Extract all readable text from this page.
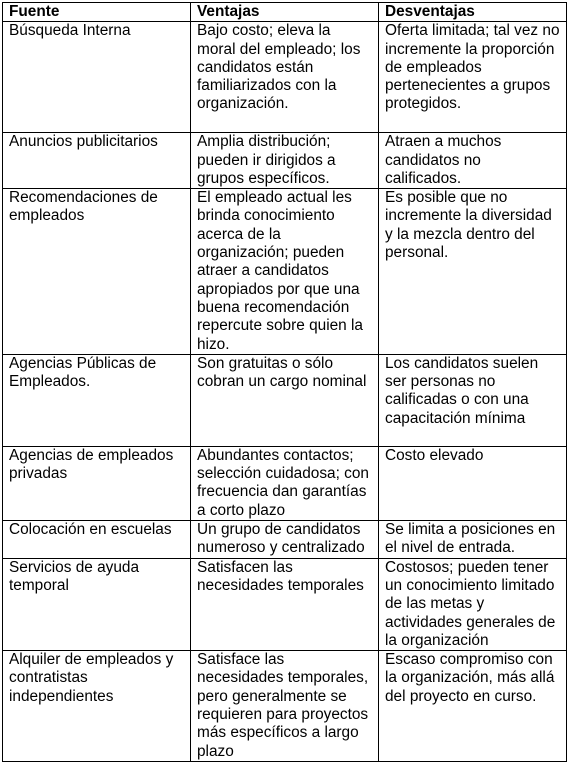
Fuente	Ventajas	Desventajas
Búsqueda Interna	Bajo costo; eleva la moral del empleado; los candidatos están familiarizados con la organización.	Oferta limitada; tal vez no incremente la proporción de empleados pertenecientes a grupos protegidos.
Anuncios publicitarios	Amplia distribución; pueden ir dirigidos a grupos específicos.	Atraen a muchos candidatos no calificados.
Recomendaciones de empleados	El empleado actual les brinda conocimiento acerca de la organización; pueden atraer a candidatos apropiados por que una buena recomendación repercute sobre quien la hizo.	Es posible que no incremente la diversidad y la mezcla dentro del personal.
Agencias Públicas de Empleados.	Son gratuitas o sólo cobran un cargo nominal	Los candidatos suelen ser personas no calificadas o con una capacitación mínima
Agencias de empleados privadas	Abundantes contactos; selección cuidadosa; con frecuencia dan garantías a corto plazo	Costo elevado
Colocación en escuelas	Un grupo de candidatos numeroso y centralizado	Se limita a posiciones en el nivel de entrada.
Servicios de ayuda temporal	Satisfacen las necesidades temporales	Costosos; pueden tener un conocimiento limitado de las metas y actividades generales de la organización
Alquiler de empleados y contratistas independientes	Satisface las necesidades temporales, pero generalmente se requieren para proyectos más específicos a largo plazo	Escaso compromiso con la organización, más allá del proyecto en curso.
